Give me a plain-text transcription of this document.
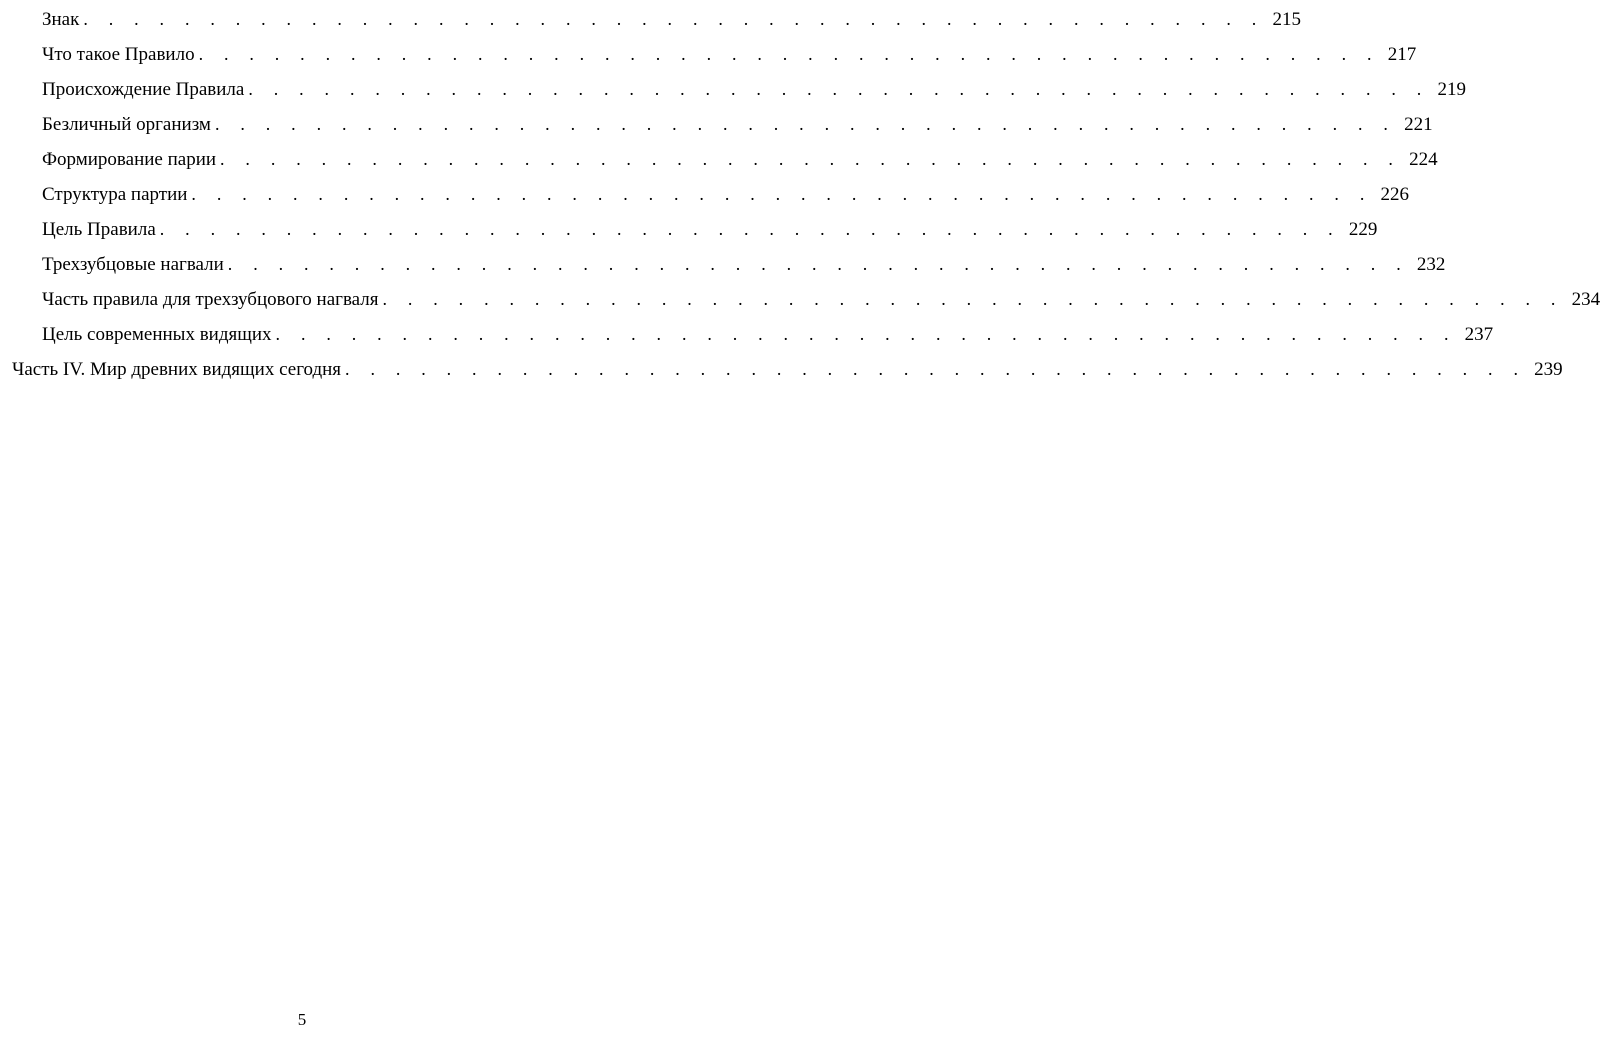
Знак . . . . . . . . . . . . . . . . . . . . . . . . . . . . . . . . . . . . . . . . . . . . . . . 215
Что такое Правило . . . . . . . . . . . . . . . . . . . . . . . . . . . . . . . . . . . . . . . . . . . . . . . 217
Происхождение Правила . . . . . . . . . . . . . . . . . . . . . . . . . . . . . . . . . . . . . . . . . . . . . . . 219
Безличный организм . . . . . . . . . . . . . . . . . . . . . . . . . . . . . . . . . . . . . . . . . . . . . . . 221
Формирование парии . . . . . . . . . . . . . . . . . . . . . . . . . . . . . . . . . . . . . . . . . . . . . . . 224
Структура партии . . . . . . . . . . . . . . . . . . . . . . . . . . . . . . . . . . . . . . . . . . . . . . . 226
Цель Правила . . . . . . . . . . . . . . . . . . . . . . . . . . . . . . . . . . . . . . . . . . . . . . . 229
Трехзубцовые нагвали . . . . . . . . . . . . . . . . . . . . . . . . . . . . . . . . . . . . . . . . . . . . . . . 232
Часть правила для трехзубцового нагваля . . . . . . . . . . . . . . . . . . . . . . . . . . . . . . . . . . . . . . . . . . . . . . . 234
Цель современных видящих . . . . . . . . . . . . . . . . . . . . . . . . . . . . . . . . . . . . . . . . . . . . . . . 237
Часть IV. Мир древних видящих сегодня . . . . . . . . . . . . . . . . . . . . . . . . . . . . . . . . . . . . . . . . . . . . . . . 239
5
